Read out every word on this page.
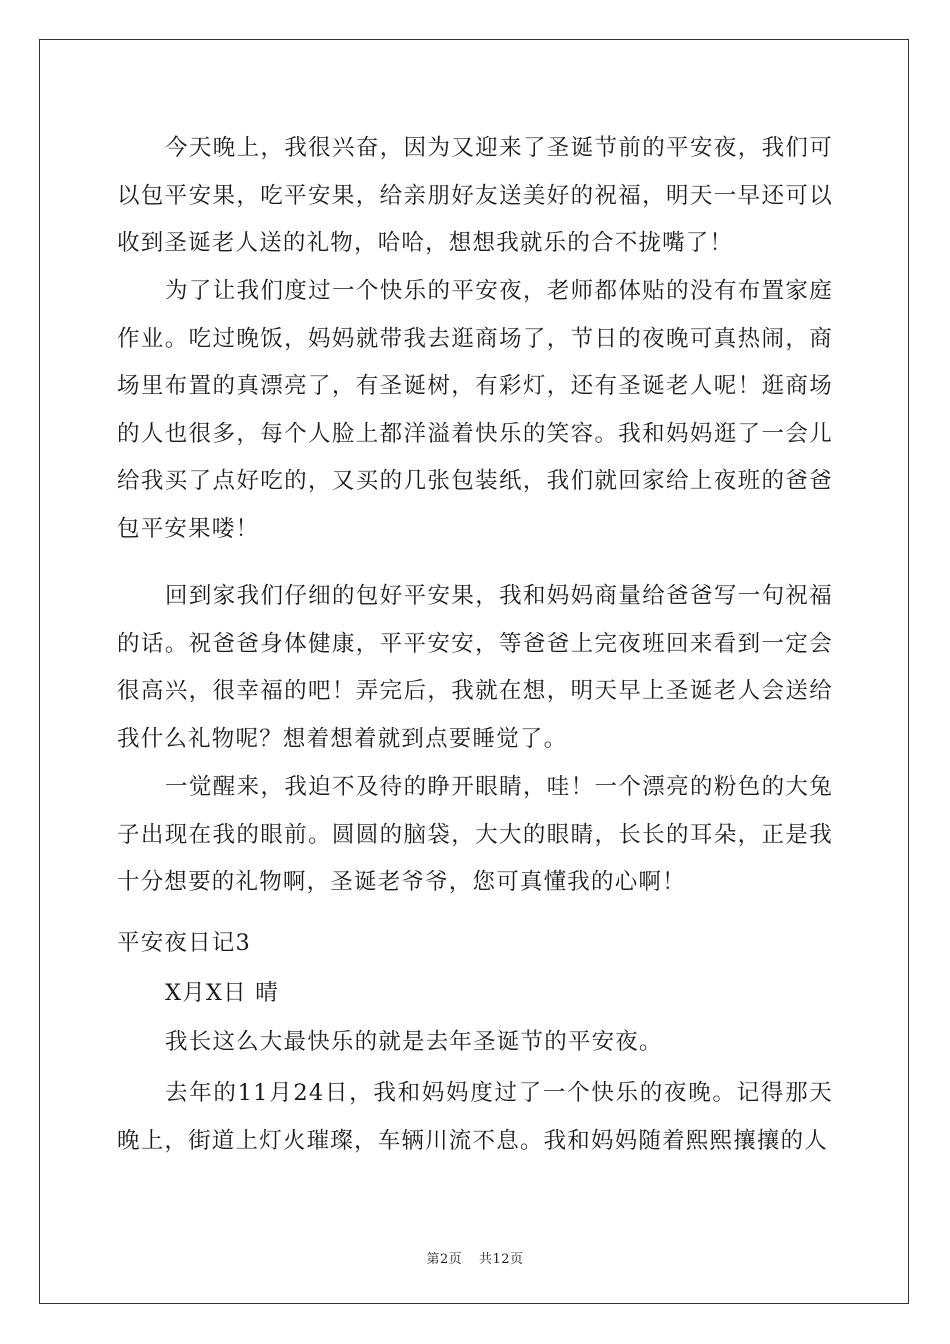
今天晚上，我很兴奋，因为又迎来了圣诞节前的平安夜，我们可以包平安果，吃平安果，给亲朋好友送美好的祝福，明天一早还可以收到圣诞老人送的礼物，哈哈，想想我就乐的合不拢嘴了！

为了让我们度过一个快乐的平安夜，老师都体贴的没有布置家庭作业。吃过晚饭，妈妈就带我去逛商场了，节日的夜晚可真热闹，商场里布置的真漂亮了，有圣诞树，有彩灯，还有圣诞老人呢！逛商场的人也很多，每个人脸上都洋溢着快乐的笑容。我和妈妈逛了一会儿给我买了点好吃的，又买的几张包装纸，我们就回家给上夜班的爸爸包平安果喽！

回到家我们仔细的包好平安果，我和妈妈商量给爸爸写一句祝福的话。祝爸爸身体健康，平平安安，等爸爸上完夜班回来看到一定会很高兴，很幸福的吧！弄完后，我就在想，明天早上圣诞老人会送给我什么礼物呢？想着想着就到点要睡觉了。

一觉醒来，我迫不及待的睁开眼睛，哇！一个漂亮的粉色的大兔子出现在我的眼前。圆圆的脑袋，大大的眼睛，长长的耳朵，正是我十分想要的礼物啊，圣诞老爷爷，您可真懂我的心啊！

平安夜日记3

X月X日 晴

我长这么大最快乐的就是去年圣诞节的平安夜。

去年的11月24日，我和妈妈度过了一个快乐的夜晚。记得那天晚上，街道上灯火璀璨，车辆川流不息。我和妈妈随着熙熙攘攘的人

第2页 共12页
